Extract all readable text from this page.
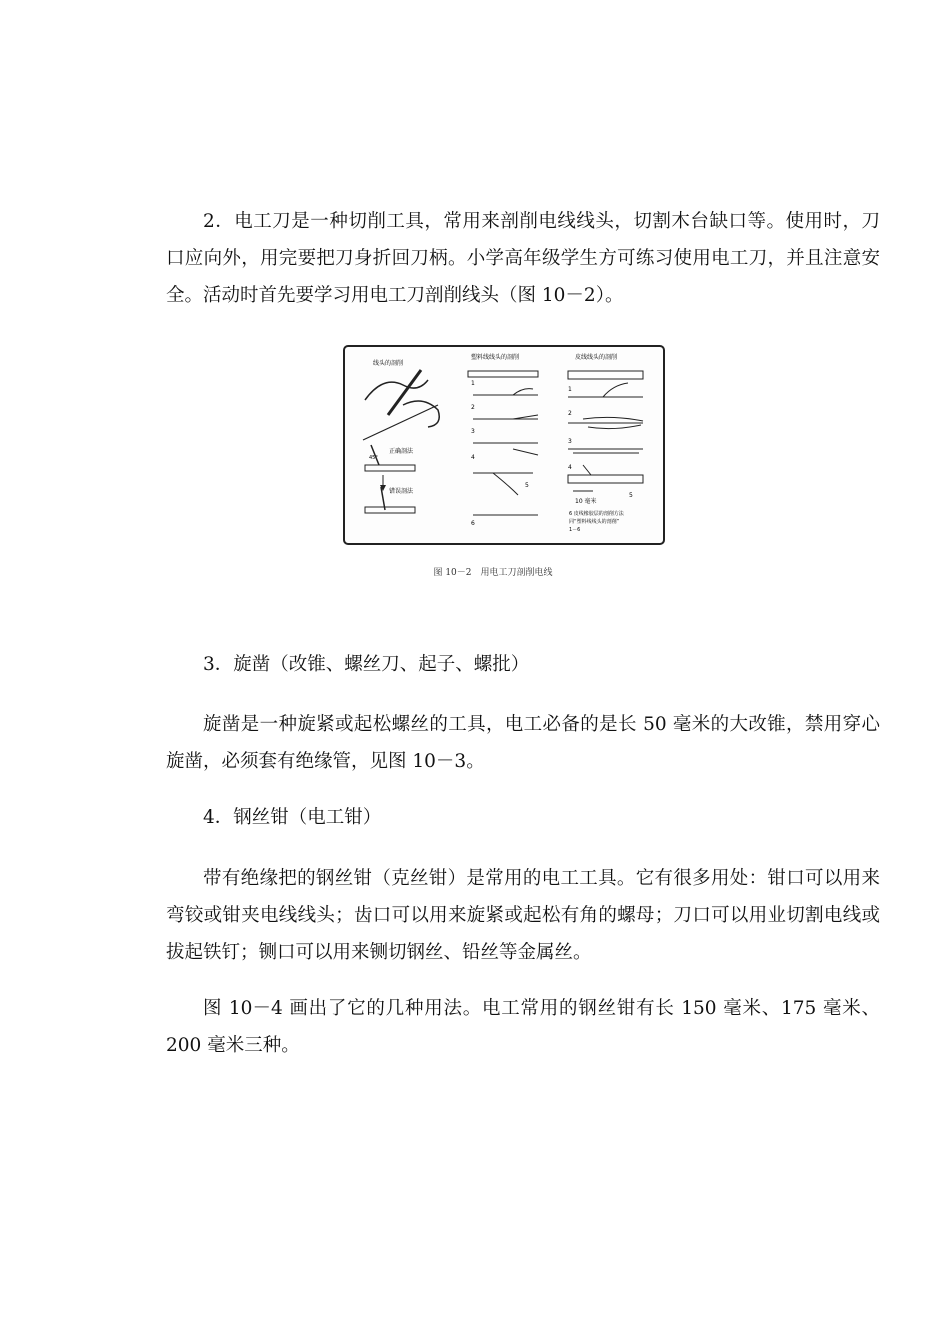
2．电工刀是一种切削工具，常用来剖削电线线头，切割木台缺口等。使用时，刀口应向外，用完要把刀身折回刀柄。小学高年级学生方可练习使用电工刀，并且注意安全。活动时首先要学习用电工刀剖削线头（图 10－2）。

线头的剖削
45°
正确剖法
错误剖法
塑料线线头的剖削
1
2
3
4
5
6
皮线线头的剖削
1
2
3
4
5
10 毫米
6 皮线橡胶层的剖削方法
同“塑料线线头的剖削”
1－6
图 10－2　用电工刀剖削电线

3．旋凿（改锥、螺丝刀、起子、螺批）

旋凿是一种旋紧或起松螺丝的工具，电工必备的是长 50 毫米的大改锥，禁用穿心旋凿，必须套有绝缘管，见图 10－3。

4．钢丝钳（电工钳）

带有绝缘把的钢丝钳（克丝钳）是常用的电工工具。它有很多用处：钳口可以用来弯铰或钳夹电线线头；齿口可以用来旋紧或起松有角的螺母；刀口可以用业切割电线或拔起铁钉；铡口可以用来铡切钢丝、铅丝等金属丝。

图 10－4 画出了它的几种用法。电工常用的钢丝钳有长 150 毫米、175 毫米、200 毫米三种。
